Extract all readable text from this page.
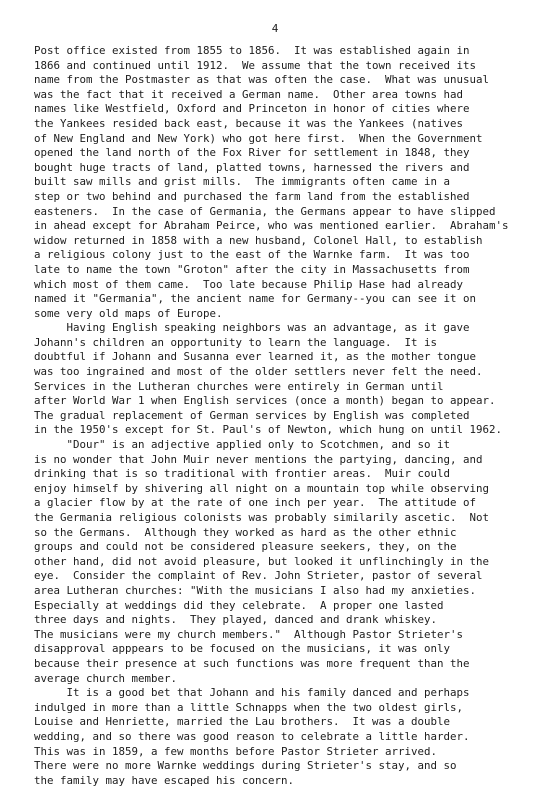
4
Post office existed from 1855 to 1856.  It was established again in
1866 and continued until 1912.  We assume that the town received its
name from the Postmaster as that was often the case.  What was unusual
was the fact that it received a German name.  Other area towns had
names like Westfield, Oxford and Princeton in honor of cities where
the Yankees resided back east, because it was the Yankees (natives
of New England and New York) who got here first.  When the Government
opened the land north of the Fox River for settlement in 1848, they
bought huge tracts of land, platted towns, harnessed the rivers and
built saw mills and grist mills.  The immigrants often came in a
step or two behind and purchased the farm land from the established
easteners.  In the case of Germania, the Germans appear to have slipped
in ahead except for Abraham Peirce, who was mentioned earlier.  Abraham's
widow returned in 1858 with a new husband, Colonel Hall, to establish
a religious colony just to the east of the Warnke farm.  It was too
late to name the town "Groton" after the city in Massachusetts from
which most of them came.  Too late because Philip Hase had already
named it "Germania", the ancient name for Germany--you can see it on
some very old maps of Europe.
Having English speaking neighbors was an advantage, as it gave
Johann's children an opportunity to learn the language.  It is
doubtful if Johann and Susanna ever learned it, as the mother tongue
was too ingrained and most of the older settlers never felt the need.
Services in the Lutheran churches were entirely in German until
after World War 1 when English services (once a month) began to appear.
The gradual replacement of German services by English was completed
in the 1950's except for St. Paul's of Newton, which hung on until 1962.
"Dour" is an adjective applied only to Scotchmen, and so it
is no wonder that John Muir never mentions the partying, dancing, and
drinking that is so traditional with frontier areas.  Muir could
enjoy himself by shivering all night on a mountain top while observing
a glacier flow by at the rate of one inch per year.  The attitude of
the Germania religious colonists was probably similarily ascetic.  Not
so the Germans.  Although they worked as hard as the other ethnic
groups and could not be considered pleasure seekers, they, on the
other hand, did not avoid pleasure, but looked it unflinchingly in the
eye.  Consider the complaint of Rev. John Strieter, pastor of several
area Lutheran churches: "With the musicians I also had my anxieties.
Especially at weddings did they celebrate.  A proper one lasted
three days and nights.  They played, danced and drank whiskey.
The musicians were my church members."  Although Pastor Strieter's
disapproval apppears to be focused on the musicians, it was only
because their presence at such functions was more frequent than the
average church member.
It is a good bet that Johann and his family danced and perhaps
indulged in more than a little Schnapps when the two oldest girls,
Louise and Henriette, married the Lau brothers.  It was a double
wedding, and so there was good reason to celebrate a little harder.
This was in 1859, a few months before Pastor Strieter arrived.
There were no more Warnke weddings during Strieter's stay, and so
the family may have escaped his concern.
